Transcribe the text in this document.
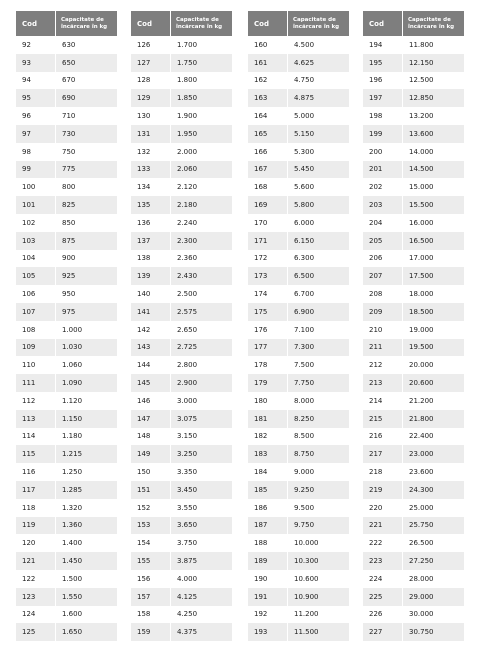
Cod	Capacitate de încărcare în kg
92	630
93	650
94	670
95	690
96	710
97	730
98	750
99	775
100	800
101	825
102	850
103	875
104	900
105	925
106	950
107	975
108	1.000
109	1.030
110	1.060
111	1.090
112	1.120
113	1.150
114	1.180
115	1.215
116	1.250
117	1.285
118	1.320
119	1.360
120	1.400
121	1.450
122	1.500
123	1.550
124	1.600
125	1.650
Cod	Capacitate de încărcare în kg
126	1.700
127	1.750
128	1.800
129	1.850
130	1.900
131	1.950
132	2.000
133	2.060
134	2.120
135	2.180
136	2.240
137	2.300
138	2.360
139	2.430
140	2.500
141	2.575
142	2.650
143	2.725
144	2.800
145	2.900
146	3.000
147	3.075
148	3.150
149	3.250
150	3.350
151	3.450
152	3.550
153	3.650
154	3.750
155	3.875
156	4.000
157	4.125
158	4.250
159	4.375
Cod	Capacitate de încărcare în kg
160	4.500
161	4.625
162	4.750
163	4.875
164	5.000
165	5.150
166	5.300
167	5.450
168	5.600
169	5.800
170	6.000
171	6.150
172	6.300
173	6.500
174	6.700
175	6.900
176	7.100
177	7.300
178	7.500
179	7.750
180	8.000
181	8.250
182	8.500
183	8.750
184	9.000
185	9.250
186	9.500
187	9.750
188	10.000
189	10.300
190	10.600
191	10.900
192	11.200
193	11.500
Cod	Capacitate de încărcare în kg
194	11.800
195	12.150
196	12.500
197	12.850
198	13.200
199	13.600
200	14.000
201	14.500
202	15.000
203	15.500
204	16.000
205	16.500
206	17.000
207	17.500
208	18.000
209	18.500
210	19.000
211	19.500
212	20.000
213	20.600
214	21.200
215	21.800
216	22.400
217	23.000
218	23.600
219	24.300
220	25.000
221	25.750
222	26.500
223	27.250
224	28.000
225	29.000
226	30.000
227	30.750
